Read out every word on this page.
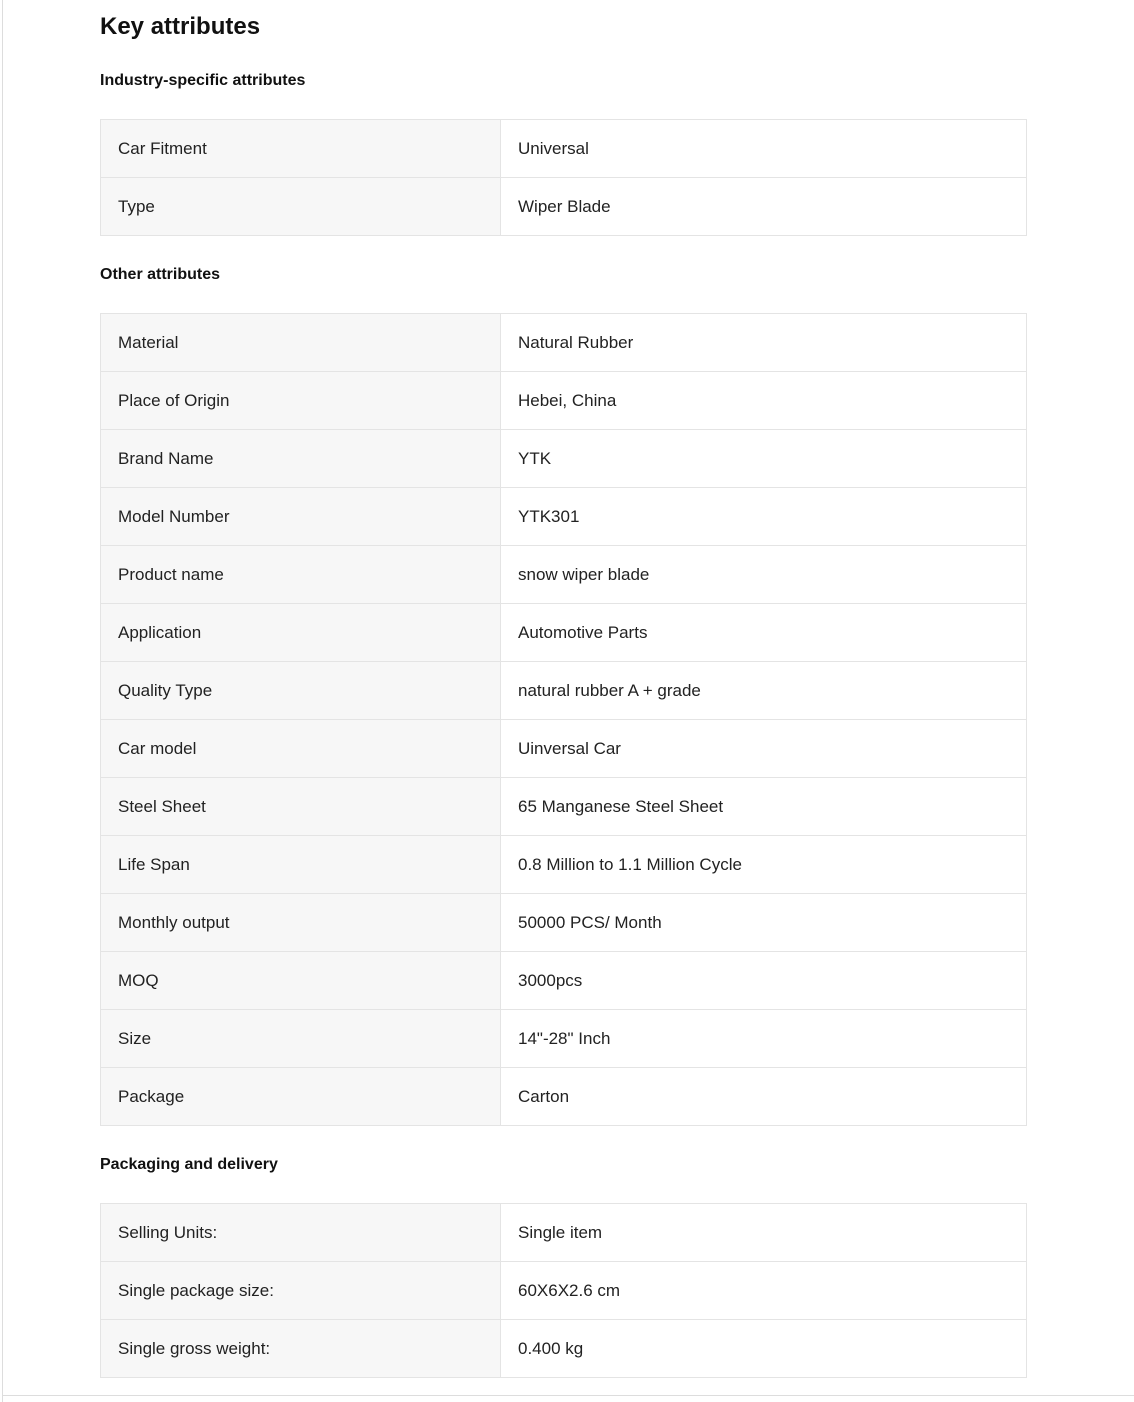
Key attributes
Industry-specific attributes
Car Fitment	Universal
Type	Wiper Blade
Other attributes
Material	Natural Rubber
Place of Origin	Hebei, China
Brand Name	YTK
Model Number	YTK301
Product name	snow wiper blade
Application	Automotive Parts
Quality Type	natural rubber A + grade
Car model	Uinversal Car
Steel Sheet	65 Manganese Steel Sheet
Life Span	0.8 Million to 1.1 Million Cycle
Monthly output	50000 PCS/ Month
MOQ	3000pcs
Size	14"-28" Inch
Package	Carton
Packaging and delivery
Selling Units:	Single item
Single package size:	60X6X2.6 cm
Single gross weight:	0.400 kg
